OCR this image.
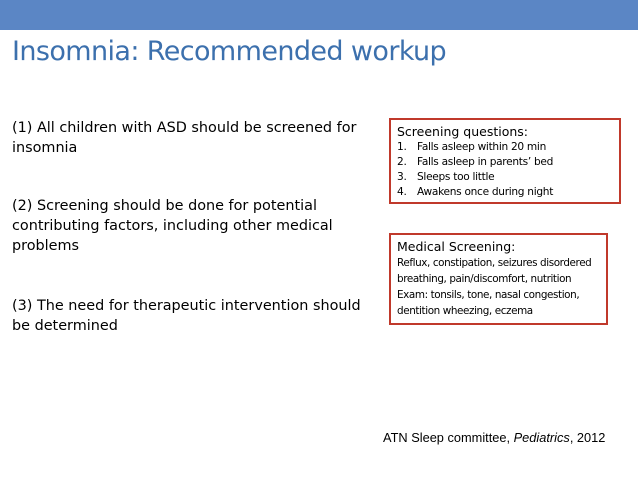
Insomnia: Recommended workup

(1) All children with ASD should be screened for insomnia

(2) Screening should be done for potential contributing factors, including other medical problems

(3) The need for therapeutic intervention should be determined

Screening questions:
1. Falls asleep within 20 min
2. Falls asleep in parents’ bed
3. Sleeps too little
4. Awakens once during night
Medical Screening:
Reflux, constipation, seizures disordered
breathing, pain/discomfort, nutrition
Exam: tonsils, tone, nasal congestion,
dentition wheezing, eczema
ATN Sleep committee, Pediatrics, 2012
